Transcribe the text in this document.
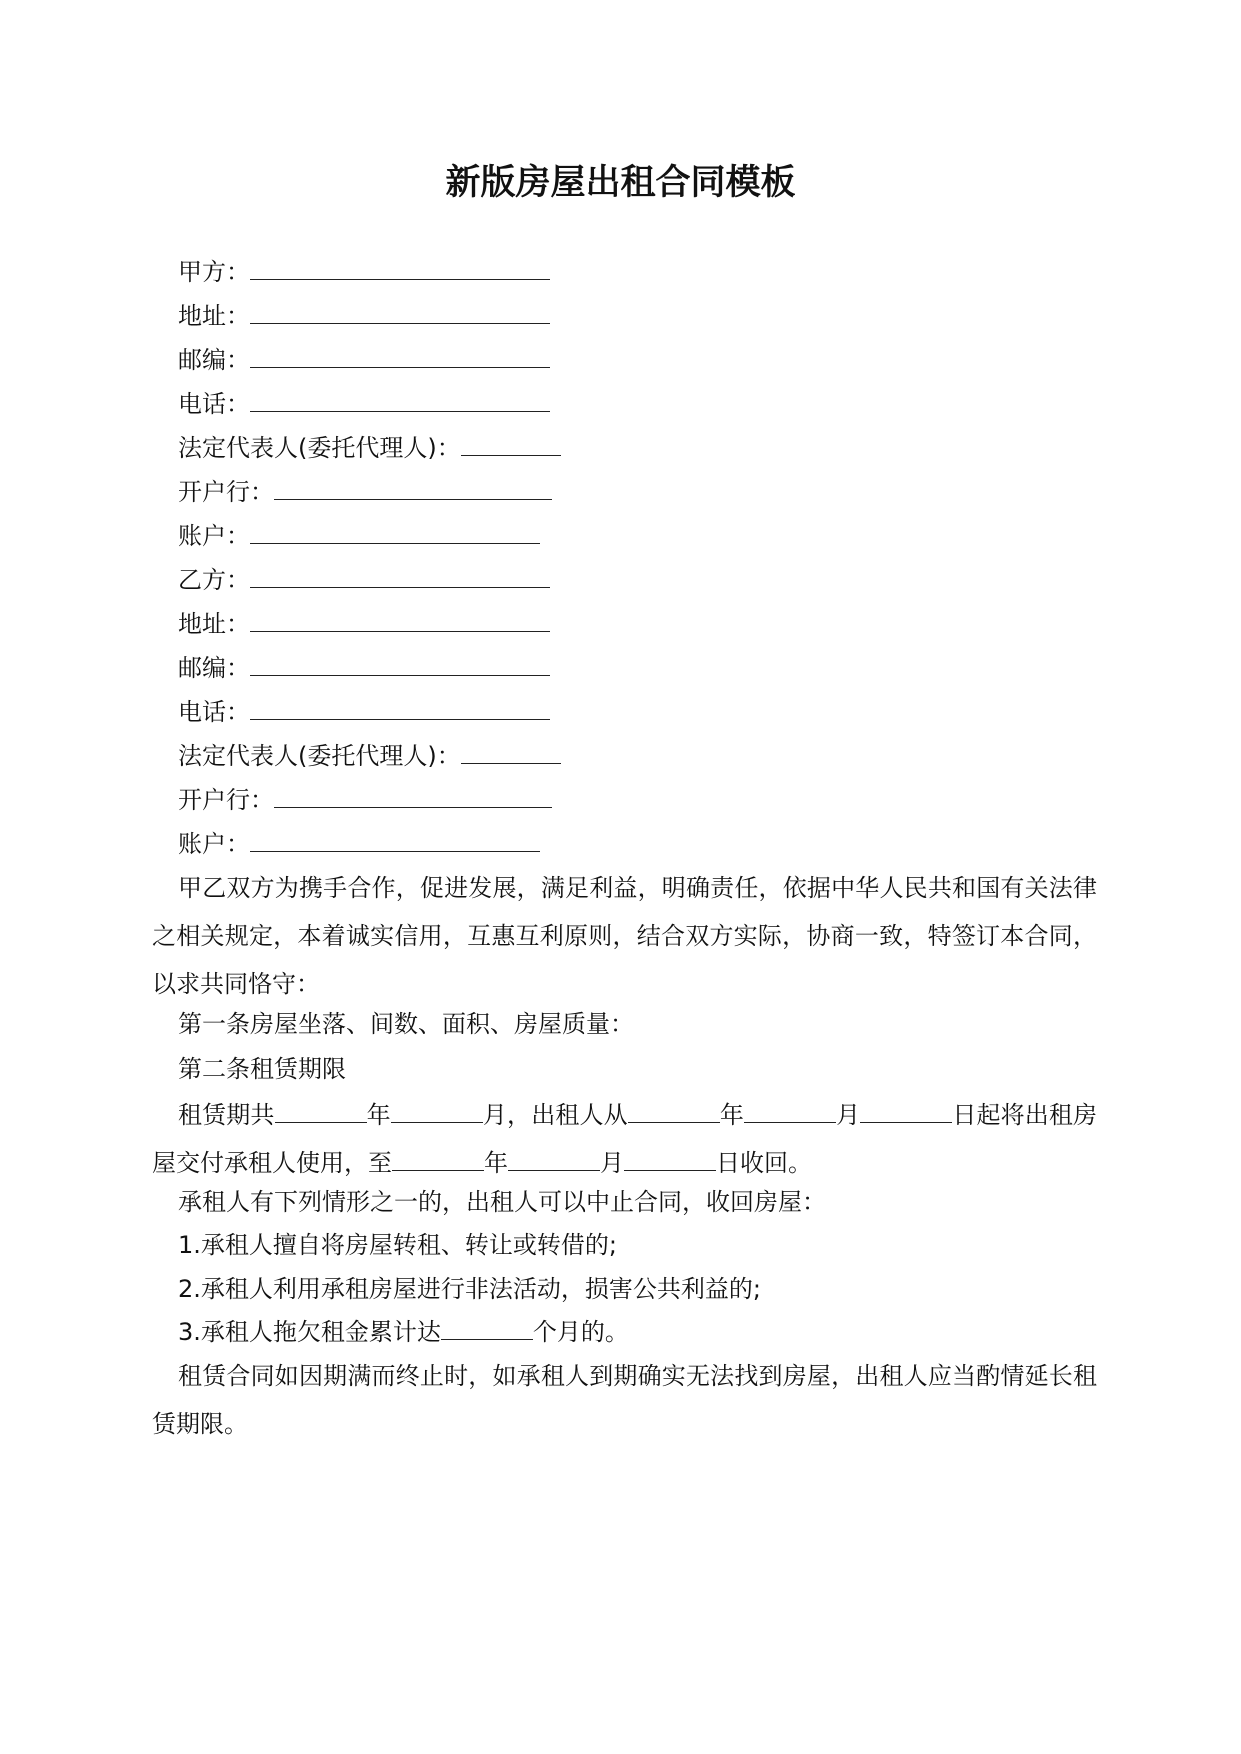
新版房屋出租合同模板
甲方：
地址：
邮编：
电话：
法定代表人(委托代理人)：
开户行：
账户：
乙方：
地址：
邮编：
电话：
法定代表人(委托代理人)：
开户行：
账户：

甲乙双方为携手合作，促进发展，满足利益，明确责任，依据中华人民共和国有关法律之相关规定，本着诚实信用，互惠互利原则，结合双方实际，协商一致，特签订本合同，以求共同恪守：

第一条房屋坐落、间数、面积、房屋质量：

第二条租赁期限

租赁期共	年	月，出租人从	年	月	日起将出租房屋交付承租人使用，至	年	月	日收回。

承租人有下列情形之一的，出租人可以中止合同，收回房屋：

1.承租人擅自将房屋转租、转让或转借的;

2.承租人利用承租房屋进行非法活动，损害公共利益的;

3.承租人拖欠租金累计达	个月的。

租赁合同如因期满而终止时，如承租人到期确实无法找到房屋，出租人应当酌情延长租赁期限。
